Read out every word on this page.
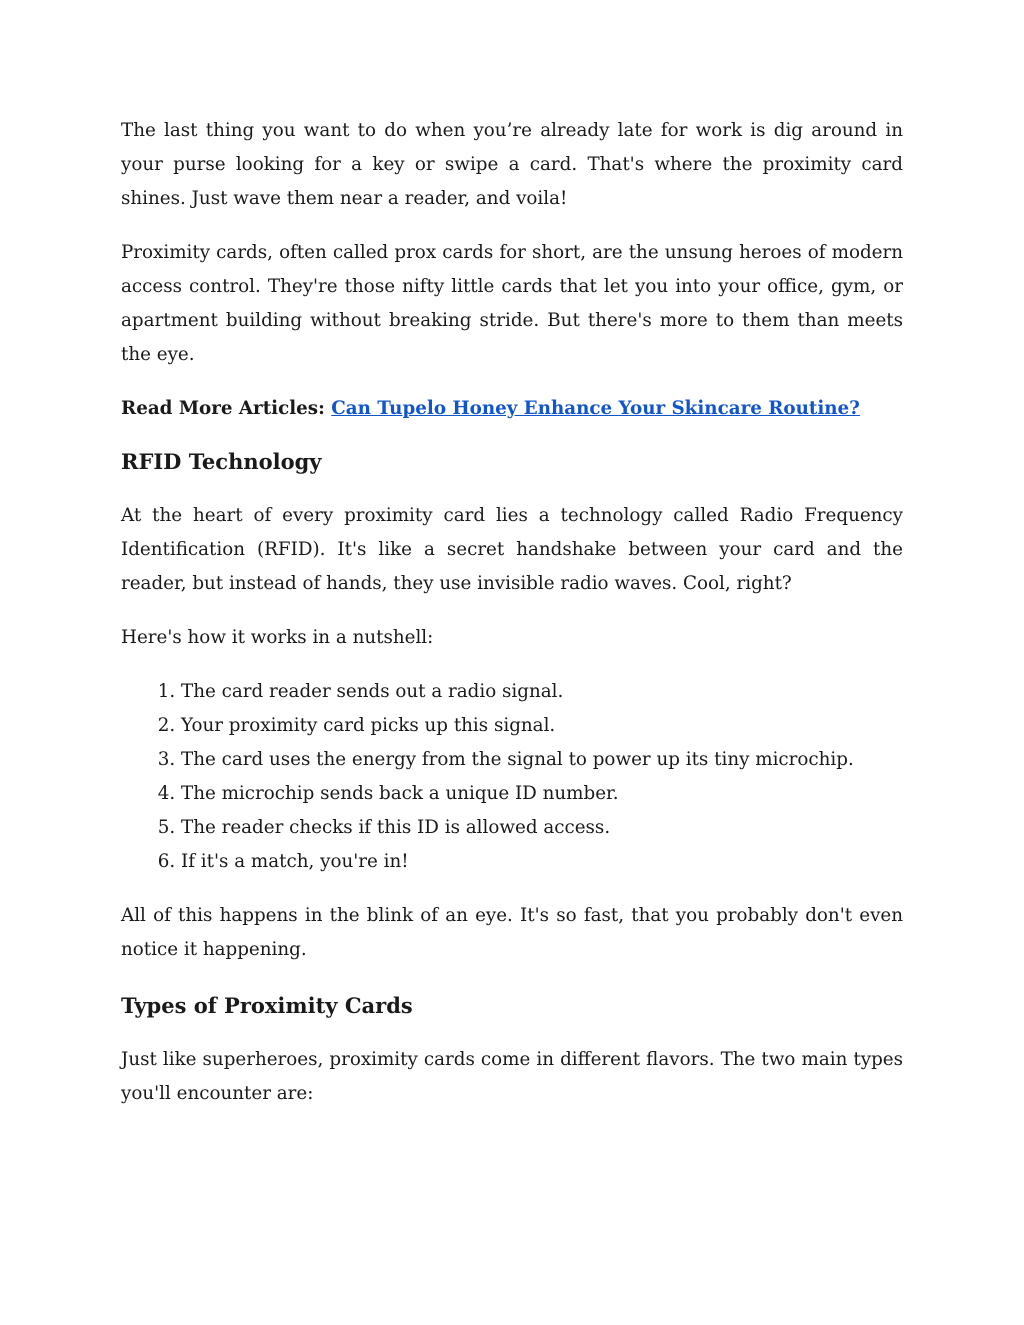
The last thing you want to do when you’re already late for work is dig around in your purse looking for a key or swipe a card. That's where the proximity card shines. Just wave them near a reader, and voila!

Proximity cards, often called prox cards for short, are the unsung heroes of modern access control. They're those nifty little cards that let you into your office, gym, or apartment building without breaking stride. But there's more to them than meets the eye.

Read More Articles: Can Tupelo Honey Enhance Your Skincare Routine?

RFID Technology

At the heart of every proximity card lies a technology called Radio Frequency Identification (RFID). It's like a secret handshake between your card and the reader, but instead of hands, they use invisible radio waves. Cool, right?

Here's how it works in a nutshell:

1. The card reader sends out a radio signal.
2. Your proximity card picks up this signal.
3. The card uses the energy from the signal to power up its tiny microchip.
4. The microchip sends back a unique ID number.
5. The reader checks if this ID is allowed access.
6. If it's a match, you're in!

All of this happens in the blink of an eye. It's so fast, that you probably don't even notice it happening.

Types of Proximity Cards

Just like superheroes, proximity cards come in different flavors. The two main types you'll encounter are:
